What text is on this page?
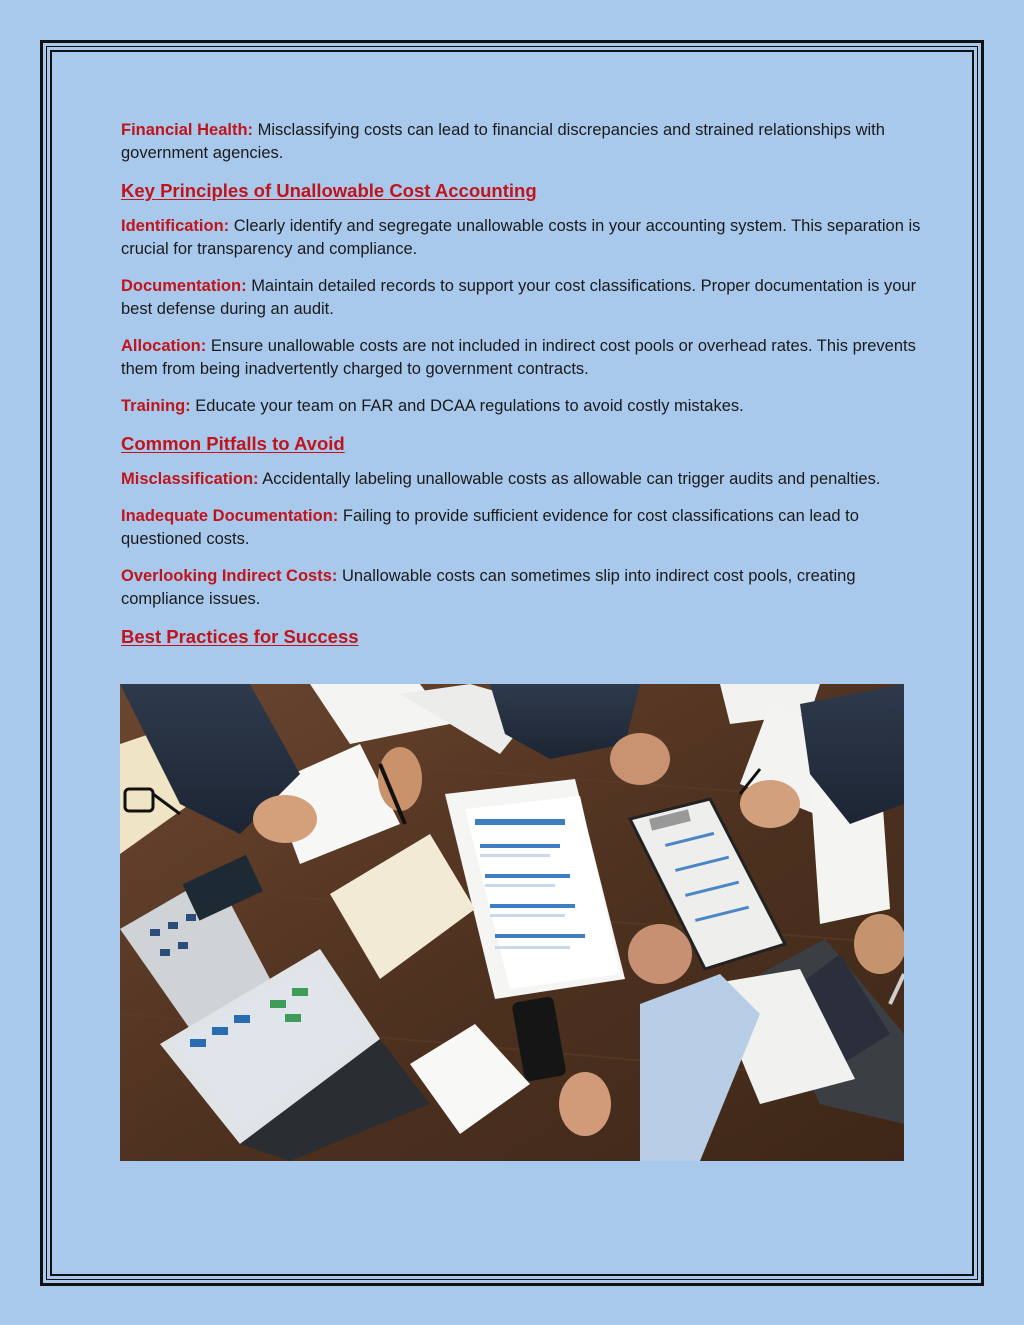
Financial Health: Misclassifying costs can lead to financial discrepancies and strained relationships with government agencies.

Key Principles of Unallowable Cost Accounting

Identification: Clearly identify and segregate unallowable costs in your accounting system. This separation is crucial for transparency and compliance.

Documentation: Maintain detailed records to support your cost classifications. Proper documentation is your best defense during an audit.

Allocation: Ensure unallowable costs are not included in indirect cost pools or overhead rates. This prevents them from being inadvertently charged to government contracts.

Training: Educate your team on FAR and DCAA regulations to avoid costly mistakes.

Common Pitfalls to Avoid

Misclassification: Accidentally labeling unallowable costs as allowable can trigger audits and penalties.

Inadequate Documentation: Failing to provide sufficient evidence for cost classifications can lead to questioned costs.

Overlooking Indirect Costs: Unallowable costs can sometimes slip into indirect cost pools, creating compliance issues.

Best Practices for Success
